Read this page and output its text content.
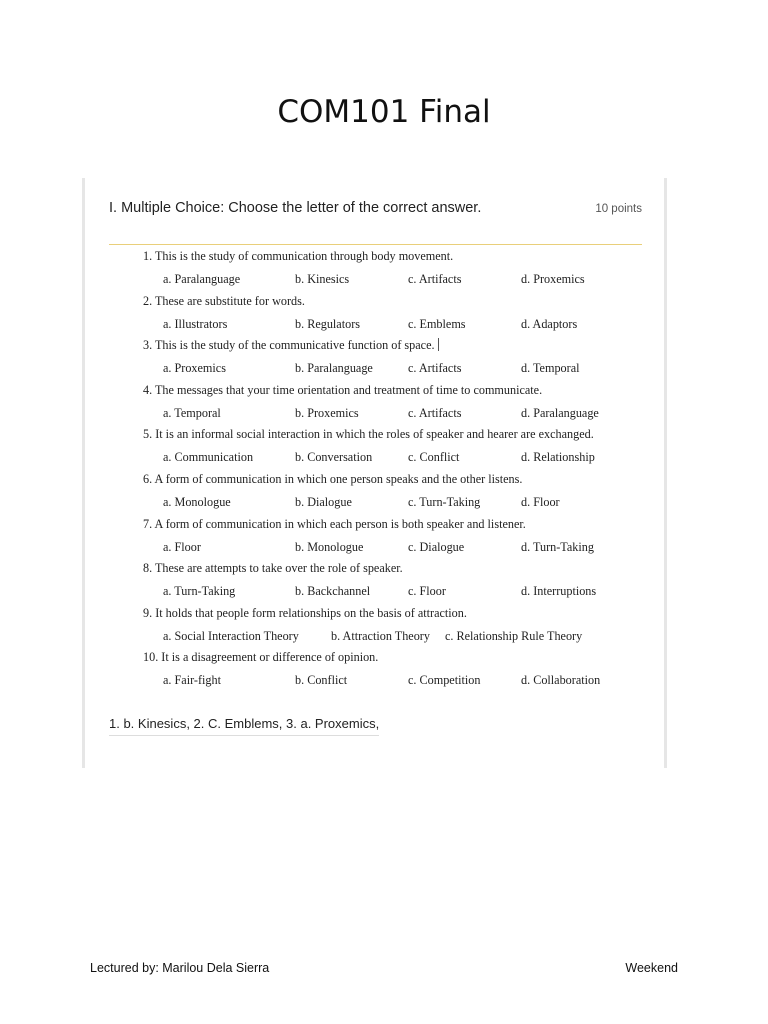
COM101 Final
I. Multiple Choice: Choose the letter of the correct answer.	10 points
1. This is the study of communication through body movement.
a. Paralanguage	b. Kinesics	c. Artifacts	d. Proxemics
2. These are substitute for words.
a. Illustrators	b. Regulators	c. Emblems	d. Adaptors
3. This is the study of the communicative function of space.
a. Proxemics	b. Paralanguage	c. Artifacts	d. Temporal
4. The messages that your time orientation and treatment of time to communicate.
a. Temporal	b. Proxemics	c. Artifacts	d. Paralanguage
5. It is an informal social interaction in which the roles of speaker and hearer are exchanged.
a. Communication	b. Conversation	c. Conflict	d. Relationship
6. A form of communication in which one person speaks and the other listens.
a. Monologue	b. Dialogue	c. Turn-Taking	d. Floor
7. A form of communication in which each person is both speaker and listener.
a. Floor	b. Monologue	c. Dialogue	d. Turn-Taking
8. These are attempts to take over the role of speaker.
a. Turn-Taking	b. Backchannel	c. Floor	d. Interruptions
9. It holds that people form relationships on the basis of attraction.
a. Social Interaction Theory	b. Attraction Theory c. Relationship Rule Theory
10. It is a disagreement or difference of opinion.
a. Fair-fight	b. Conflict	c. Competition	d. Collaboration
1. b. Kinesics, 2. C. Emblems, 3. a. Proxemics,
Lectured by: Marilou Dela Sierra	Weekend
